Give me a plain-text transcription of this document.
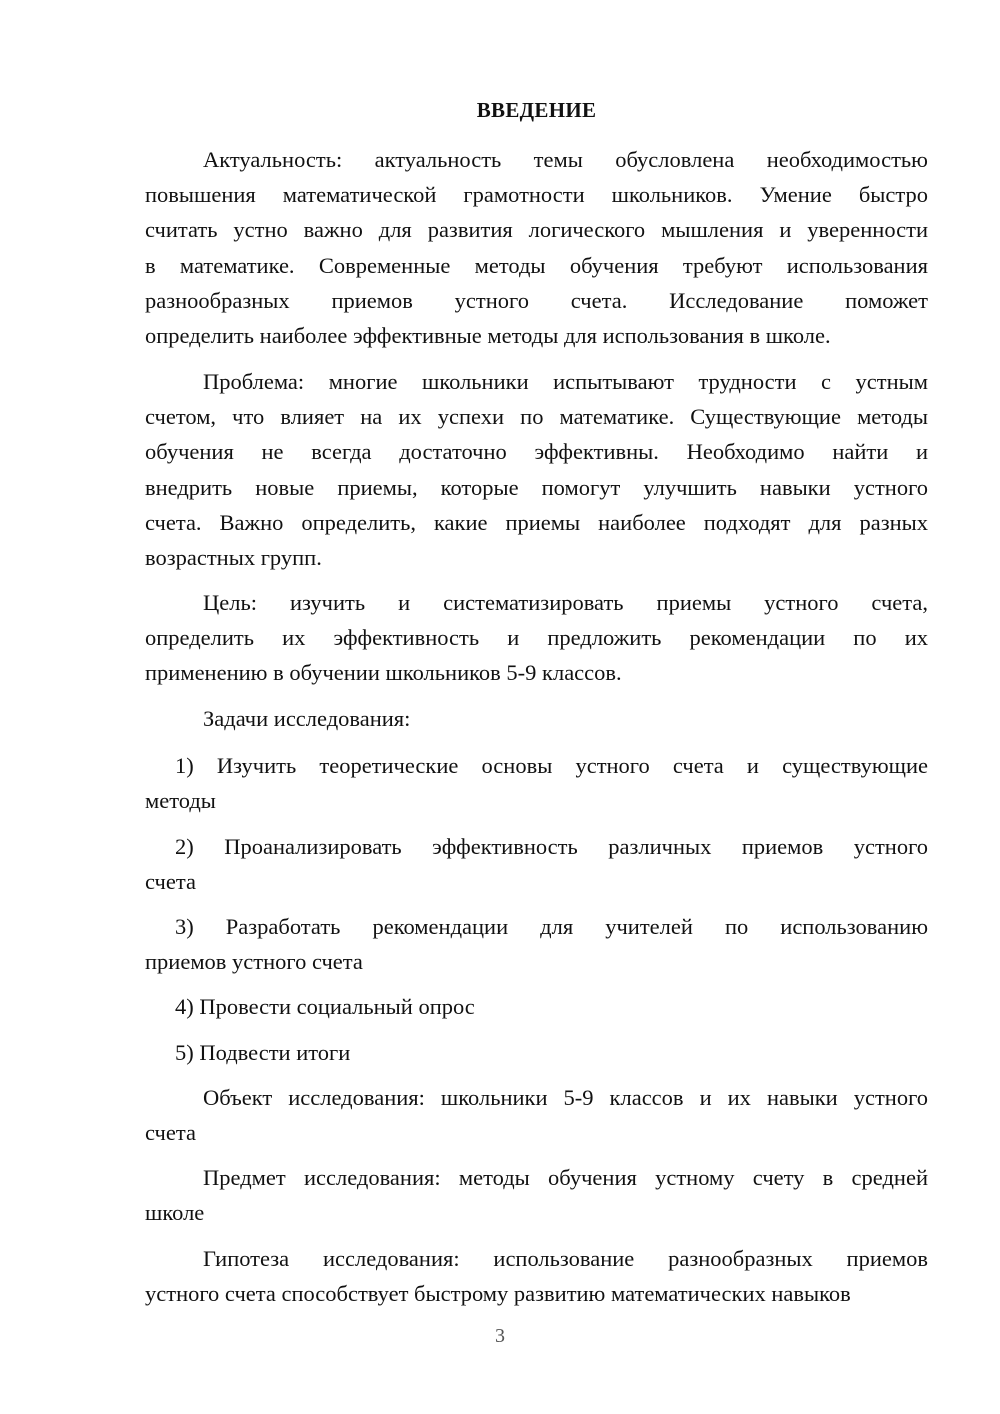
ВВЕДЕНИЕ
Актуальность: актуальность темы обусловлена необходимостью
повышения математической грамотности школьников. Умение быстро
считать устно важно для развития логического мышления и уверенности
в математике. Современные методы обучения требуют использования
разнообразных приемов устного счета. Исследование поможет
определить наиболее эффективные методы для использования в школе.
Проблема: многие школьники испытывают трудности с устным
счетом, что влияет на их успехи по математике. Существующие методы
обучения не всегда достаточно эффективны. Необходимо найти и
внедрить новые приемы, которые помогут улучшить навыки устного
счета. Важно определить, какие приемы наиболее подходят для разных
возрастных групп.
Цель: изучить и систематизировать приемы устного счета,
определить их эффективность и предложить рекомендации по их
применению в обучении школьников 5-9 классов.
Задачи исследования:
1) Изучить теоретические основы устного счета и существующие
методы
2) Проанализировать эффективность различных приемов устного
счета
3) Разработать рекомендации для учителей по использованию
приемов устного счета
4) Провести социальный опрос
5) Подвести итоги
Объект исследования: школьники 5-9 классов и их навыки устного
счета
Предмет исследования: методы обучения устному счету в средней
школе
Гипотеза исследования: использование разнообразных приемов
устного счета способствует быстрому развитию математических навыков
3
